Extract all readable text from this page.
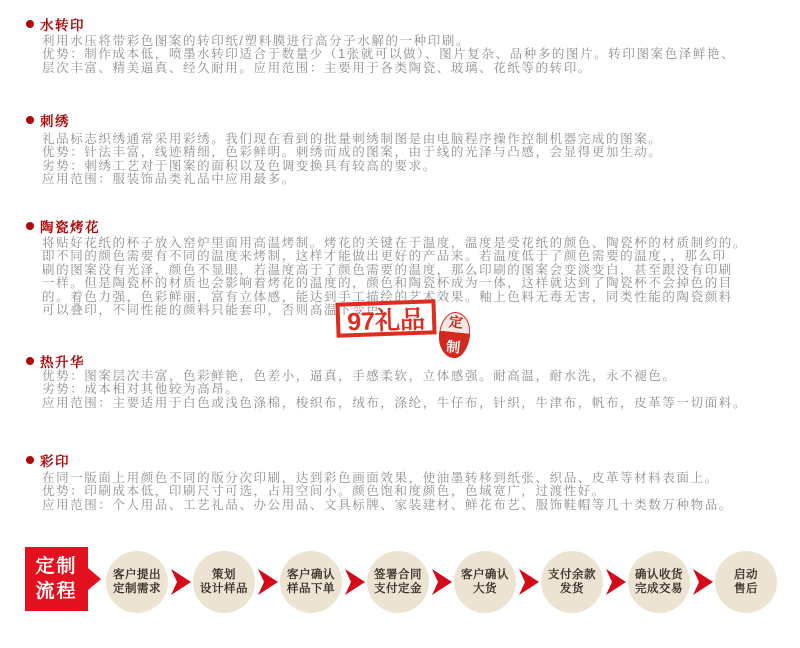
水转印
利用水压将带彩色图案的转印纸/塑料膜进行高分子水解的一种印刷。
优势：制作成本低，喷墨水转印适合于数量少（1张就可以做）、图片复杂、品种多的图片。转印图案色泽鲜艳、
层次丰富、精美逼真、经久耐用。应用范围：主要用于各类陶瓷、玻璃、花纸等的转印。
刺绣
礼品标志织绣通常采用彩绣。我们现在看到的批量刺绣制图是由电脑程序操作控制机器完成的图案。
优势：针法丰富，线迹精细，色彩鲜明。刺绣而成的图案，由于线的光泽与凸感，会显得更加生动。
劣势：刺绣工艺对于图案的面积以及色调变换具有较高的要求。
应用范围：服装饰品类礼品中应用最多。
陶瓷烤花
将贴好花纸的杯子放入窑炉里面用高温烤制。烤花的关键在于温度，温度是受花纸的颜色、陶瓷杯的材质制约的。
即不同的颜色需要有不同的温度来烤制，这样才能做出更好的产品来。若温度低于了颜色需要的温度，，那么印
刷的图案没有光泽，颜色不显眼，若温度高于了颜色需要的温度，那么印刷的图案会变淡变白，甚至跟没有印刷
一样。但是陶瓷杯的材质也会影响着烤花的温度的，颜色和陶瓷杯成为一体，这样就达到了陶瓷杯不会掉色的目
的。着色力强，色彩鲜丽，富有立体感，能达到手工描绘的艺术效果。釉上色料无毒无害，同类性能的陶瓷颜料
可以叠印，不同性能的颜料只能套印，否则高温下变色。
97礼品 定
制
热升华
优势：图案层次丰富，色彩鲜艳，色差小，逼真，手感柔软，立体感强。耐高温，耐水洗，永不褪色。
劣势：成本相对其他较为高昂。
应用范围：主要适用于白色或浅色涤棉，梭织布，绒布，涤纶，牛仔布，针织，牛津布，帆布，皮革等一切面料。
彩印
在同一版面上用颜色不同的版分次印刷，达到彩色画面效果，使油墨转移到纸张、织品、皮革等材料表面上。
优势：印刷成本低，印刷尺寸可选，占用空间小。颜色饱和度颜色，色域宽广，过渡性好。
应用范围：个人用品、工艺礼品、办公用品、文具标牌、家装建材、鲜花布艺、服饰鞋帽等几十类数万种物品。
定制
流程
客户提出
定制需求
策划
设计样品
客户确认
样品下单
签署合同
支付定金
客户确认
大货
支付余款
发货
确认收货
完成交易
启动
售后
